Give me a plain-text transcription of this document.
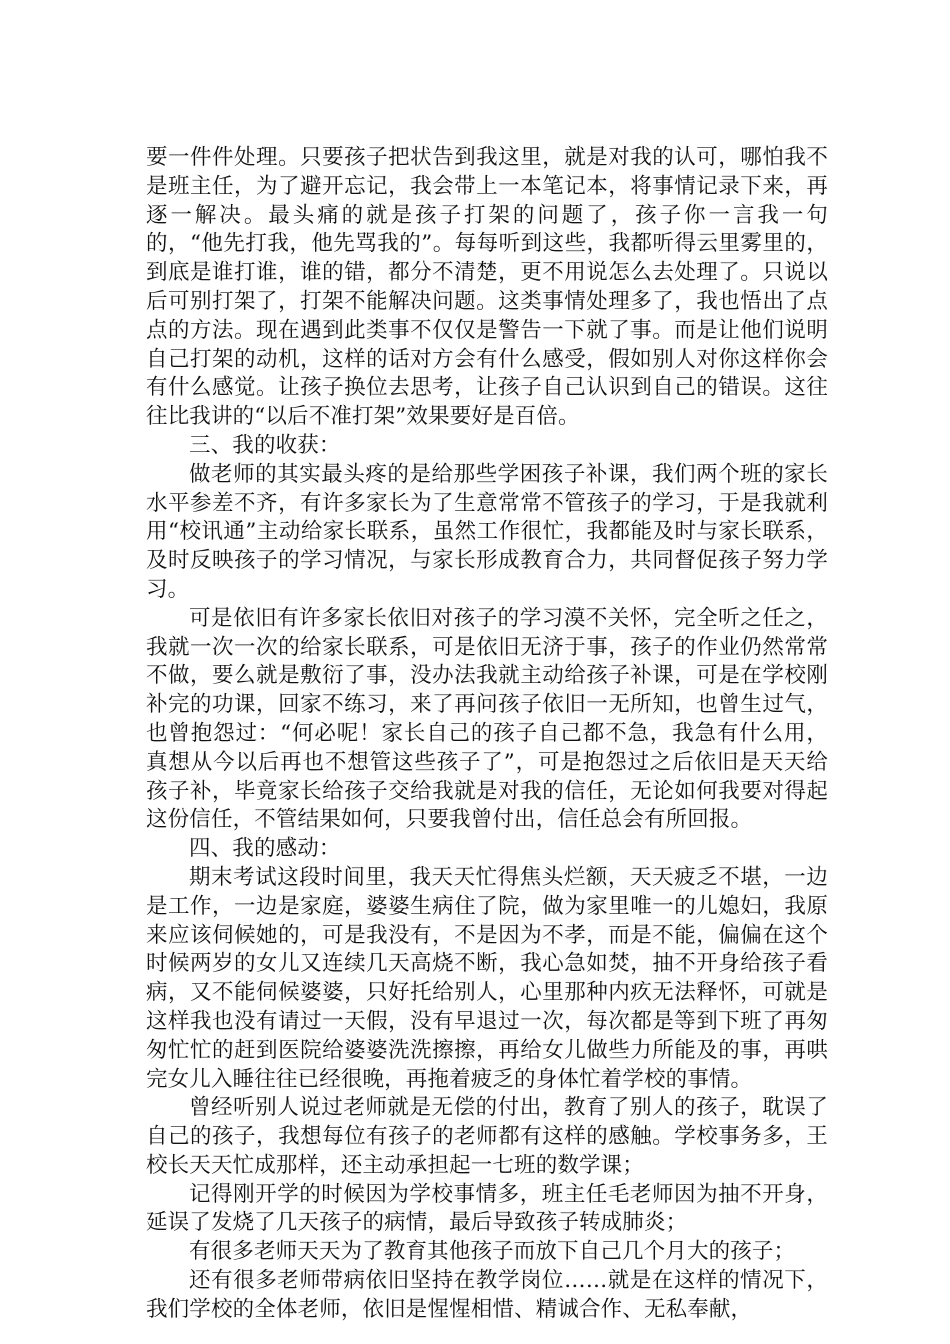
要一件件处理。只要孩子把状告到我这里，就是对我的认可，哪怕我不是班主任，为了避开忘记，我会带上一本笔记本，将事情记录下来，再逐一解决。最头痛的就是孩子打架的问题了，孩子你一言我一句的，“他先打我，他先骂我的”。每每听到这些，我都听得云里雾里的，到底是谁打谁，谁的错，都分不清楚，更不用说怎么去处理了。只说以后可别打架了，打架不能解决问题。这类事情处理多了，我也悟出了点点的方法。现在遇到此类事不仅仅是警告一下就了事。而是让他们说明自己打架的动机，这样的话对方会有什么感受，假如别人对你这样你会有什么感觉。让孩子换位去思考，让孩子自己认识到自己的错误。这往往比我讲的“以后不准打架”效果要好是百倍。

三、我的收获：

做老师的其实最头疼的是给那些学困孩子补课，我们两个班的家长水平参差不齐，有许多家长为了生意常常不管孩子的学习，于是我就利用“校讯通”主动给家长联系，虽然工作很忙，我都能及时与家长联系，及时反映孩子的学习情况，与家长形成教育合力，共同督促孩子努力学习。

可是依旧有许多家长依旧对孩子的学习漠不关怀，完全听之任之，我就一次一次的给家长联系，可是依旧无济于事，孩子的作业仍然常常不做，要么就是敷衍了事，没办法我就主动给孩子补课，可是在学校刚补完的功课，回家不练习，来了再问孩子依旧一无所知，也曾生过气，也曾抱怨过：“何必呢！家长自己的孩子自己都不急，我急有什么用，真想从今以后再也不想管这些孩子了”，可是抱怨过之后依旧是天天给孩子补，毕竟家长给孩子交给我就是对我的信任，无论如何我要对得起这份信任，不管结果如何，只要我曾付出，信任总会有所回报。

四、我的感动：

期末考试这段时间里，我天天忙得焦头烂额，天天疲乏不堪，一边是工作，一边是家庭，婆婆生病住了院，做为家里唯一的儿媳妇，我原来应该伺候她的，可是我没有，不是因为不孝，而是不能，偏偏在这个时候两岁的女儿又连续几天高烧不断，我心急如焚，抽不开身给孩子看病，又不能伺候婆婆，只好托给别人，心里那种内疚无法释怀，可就是这样我也没有请过一天假，没有早退过一次，每次都是等到下班了再匆匆忙忙的赶到医院给婆婆洗洗擦擦，再给女儿做些力所能及的事，再哄完女儿入睡往往已经很晚，再拖着疲乏的身体忙着学校的事情。

曾经听别人说过老师就是无偿的付出，教育了别人的孩子，耽误了自己的孩子，我想每位有孩子的老师都有这样的感触。学校事务多，王校长天天忙成那样，还主动承担起一七班的数学课；

记得刚开学的时候因为学校事情多，班主任毛老师因为抽不开身，延误了发烧了几天孩子的病情，最后导致孩子转成肺炎；

有很多老师天天为了教育其他孩子而放下自己几个月大的孩子；

还有很多老师带病依旧坚持在教学岗位……就是在这样的情况下，我们学校的全体老师，依旧是惺惺相惜、精诚合作、无私奉献，
